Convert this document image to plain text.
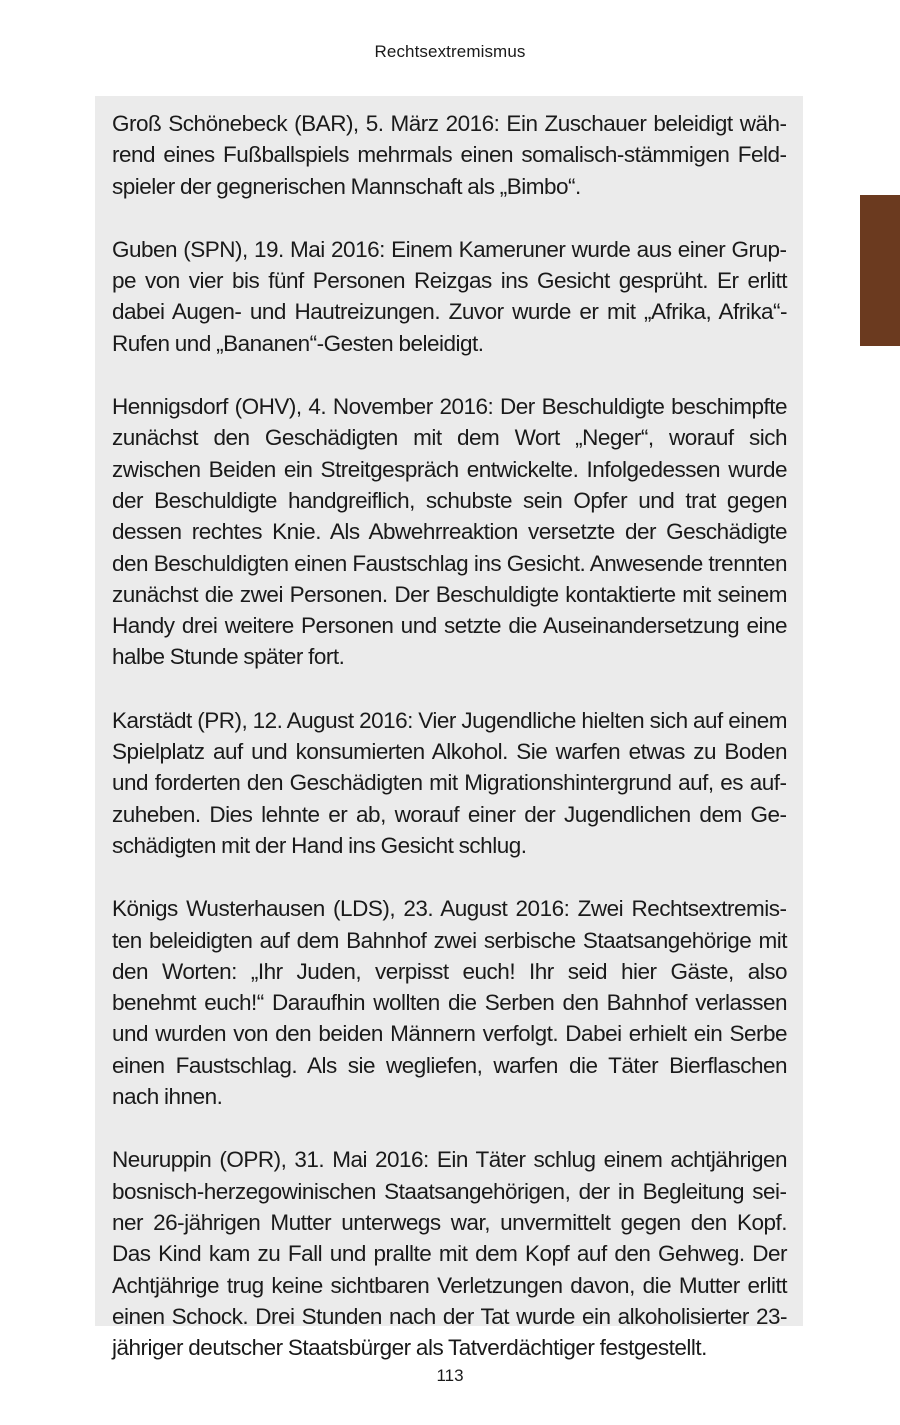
Rechtsextremismus

Groß Schönebeck (BAR), 5. März 2016: Ein Zuschauer beleidigt während eines Fußballspiels mehrmals einen somalisch-stämmigen Feldspieler der gegnerischen Mannschaft als „Bimbo“.

Guben (SPN), 19. Mai 2016: Einem Kameruner wurde aus einer Gruppe von vier bis fünf Personen Reizgas ins Gesicht gesprüht. Er erlitt dabei Augen- und Hautreizungen. Zuvor wurde er mit „Afrika, Afrika“-Rufen und „Bananen“-Gesten beleidigt.

Hennigsdorf (OHV), 4. November 2016: Der Beschuldigte beschimpfte zunächst den Geschädigten mit dem Wort „Neger“, worauf sich zwischen Beiden ein Streitgespräch entwickelte. Infolgedessen wurde der Beschuldigte handgreiflich, schubste sein Opfer und trat gegen dessen rechtes Knie. Als Abwehrreaktion versetzte der Geschädigte den Beschuldigten einen Faustschlag ins Gesicht. Anwesende trennten zunächst die zwei Personen. Der Beschuldigte kontaktierte mit seinem Handy drei weitere Personen und setzte die Auseinandersetzung eine halbe Stunde später fort.

Karstädt (PR), 12. August 2016: Vier Jugendliche hielten sich auf einem Spielplatz auf und konsumierten Alkohol. Sie warfen etwas zu Boden und forderten den Geschädigten mit Migrationshintergrund auf, es aufzuheben. Dies lehnte er ab, worauf einer der Jugendlichen dem Geschädigten mit der Hand ins Gesicht schlug.

Königs Wusterhausen (LDS), 23. August 2016: Zwei Rechtsextremisten beleidigten auf dem Bahnhof zwei serbische Staatsangehörige mit den Worten: „Ihr Juden, verpisst euch! Ihr seid hier Gäste, also benehmt euch!“ Daraufhin wollten die Serben den Bahnhof verlassen und wurden von den beiden Männern verfolgt. Dabei erhielt ein Serbe einen Faustschlag. Als sie wegliefen, warfen die Täter Bierflaschen nach ihnen.

Neuruppin (OPR), 31. Mai 2016: Ein Täter schlug einem achtjährigen bosnisch-herzegowinischen Staatsangehörigen, der in Begleitung seiner 26-jährigen Mutter unterwegs war, unvermittelt gegen den Kopf. Das Kind kam zu Fall und prallte mit dem Kopf auf den Gehweg. Der Achtjährige trug keine sichtbaren Verletzungen davon, die Mutter erlitt einen Schock. Drei Stunden nach der Tat wurde ein alkoholisierter 23-jähriger deutscher Staatsbürger als Tatverdächtiger festgestellt.

113
